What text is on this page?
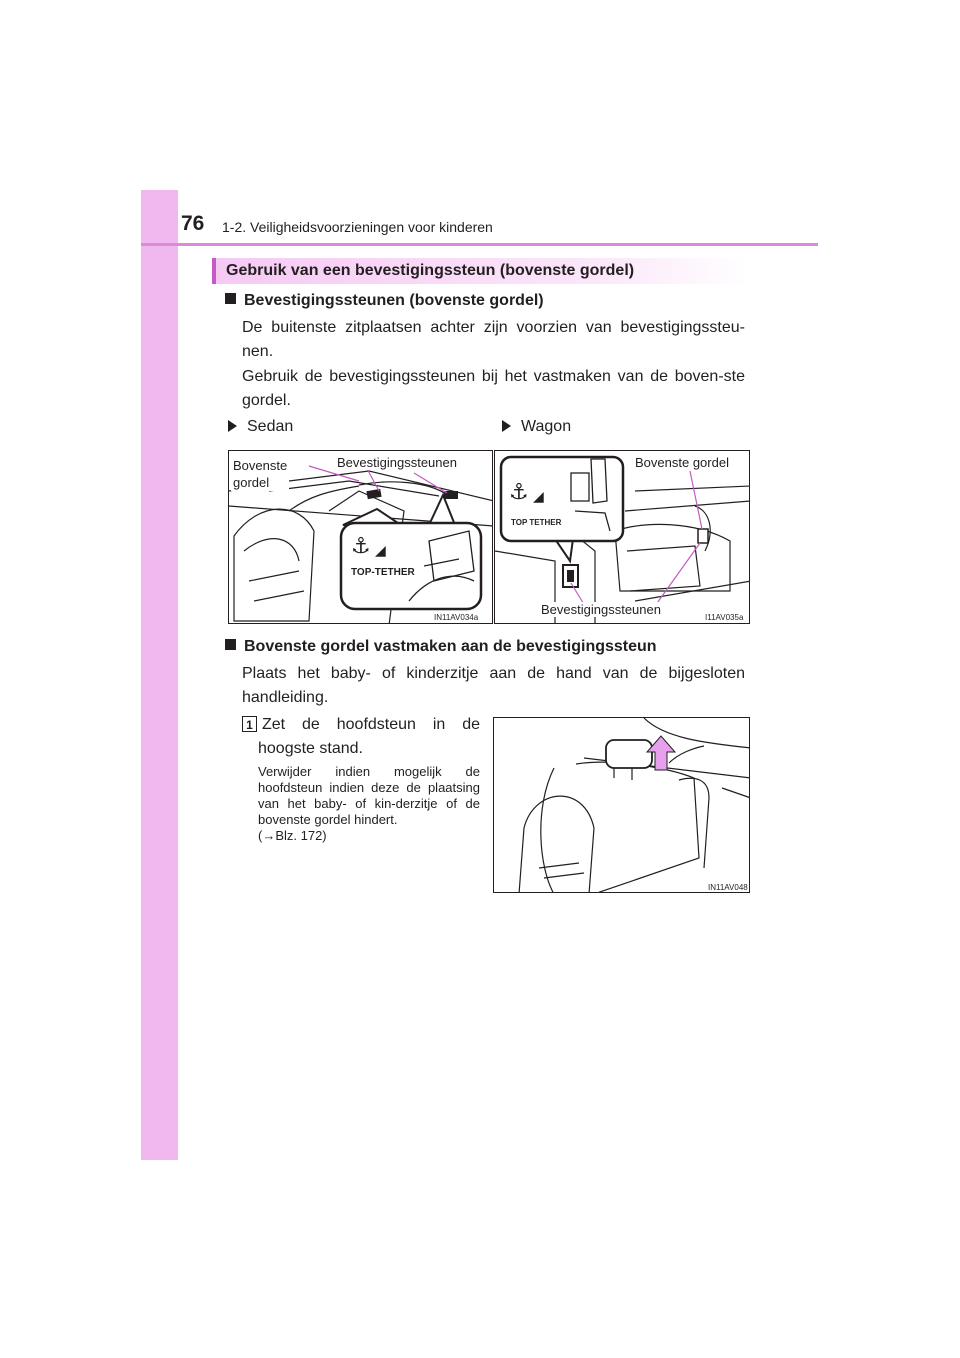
76 1-2. Veiligheidsvoorzieningen voor kinderen
Gebruik van een bevestigingssteun (bovenste gordel)
Bevestigingssteunen (bovenste gordel)
De buitenste zitplaatsen achter zijn voorzien van bevestigingssteu-nen.
Gebruik de bevestigingssteunen bij het vastmaken van de boven-ste gordel.
Sedan	Wagon
⚓ ◢
TOP-TETHER
Bovenste
gordel
Bevestigingssteunen
IN11AV034a
⚓ ◢
TOP TETHER
Bovenste gordel
Bevestigingssteunen
I11AV035a
Bovenste gordel vastmaken aan de bevestigingssteun
Plaats het baby- of kinderzitje aan de hand van de bijgesloten handleiding.
1 Zet de hoofdsteun in de hoogste stand.
Verwijder indien mogelijk de hoofdsteun indien deze de plaatsing van het baby- of kin-derzitje of de bovenste gordel hindert.
(→Blz. 172)
IN11AV048
